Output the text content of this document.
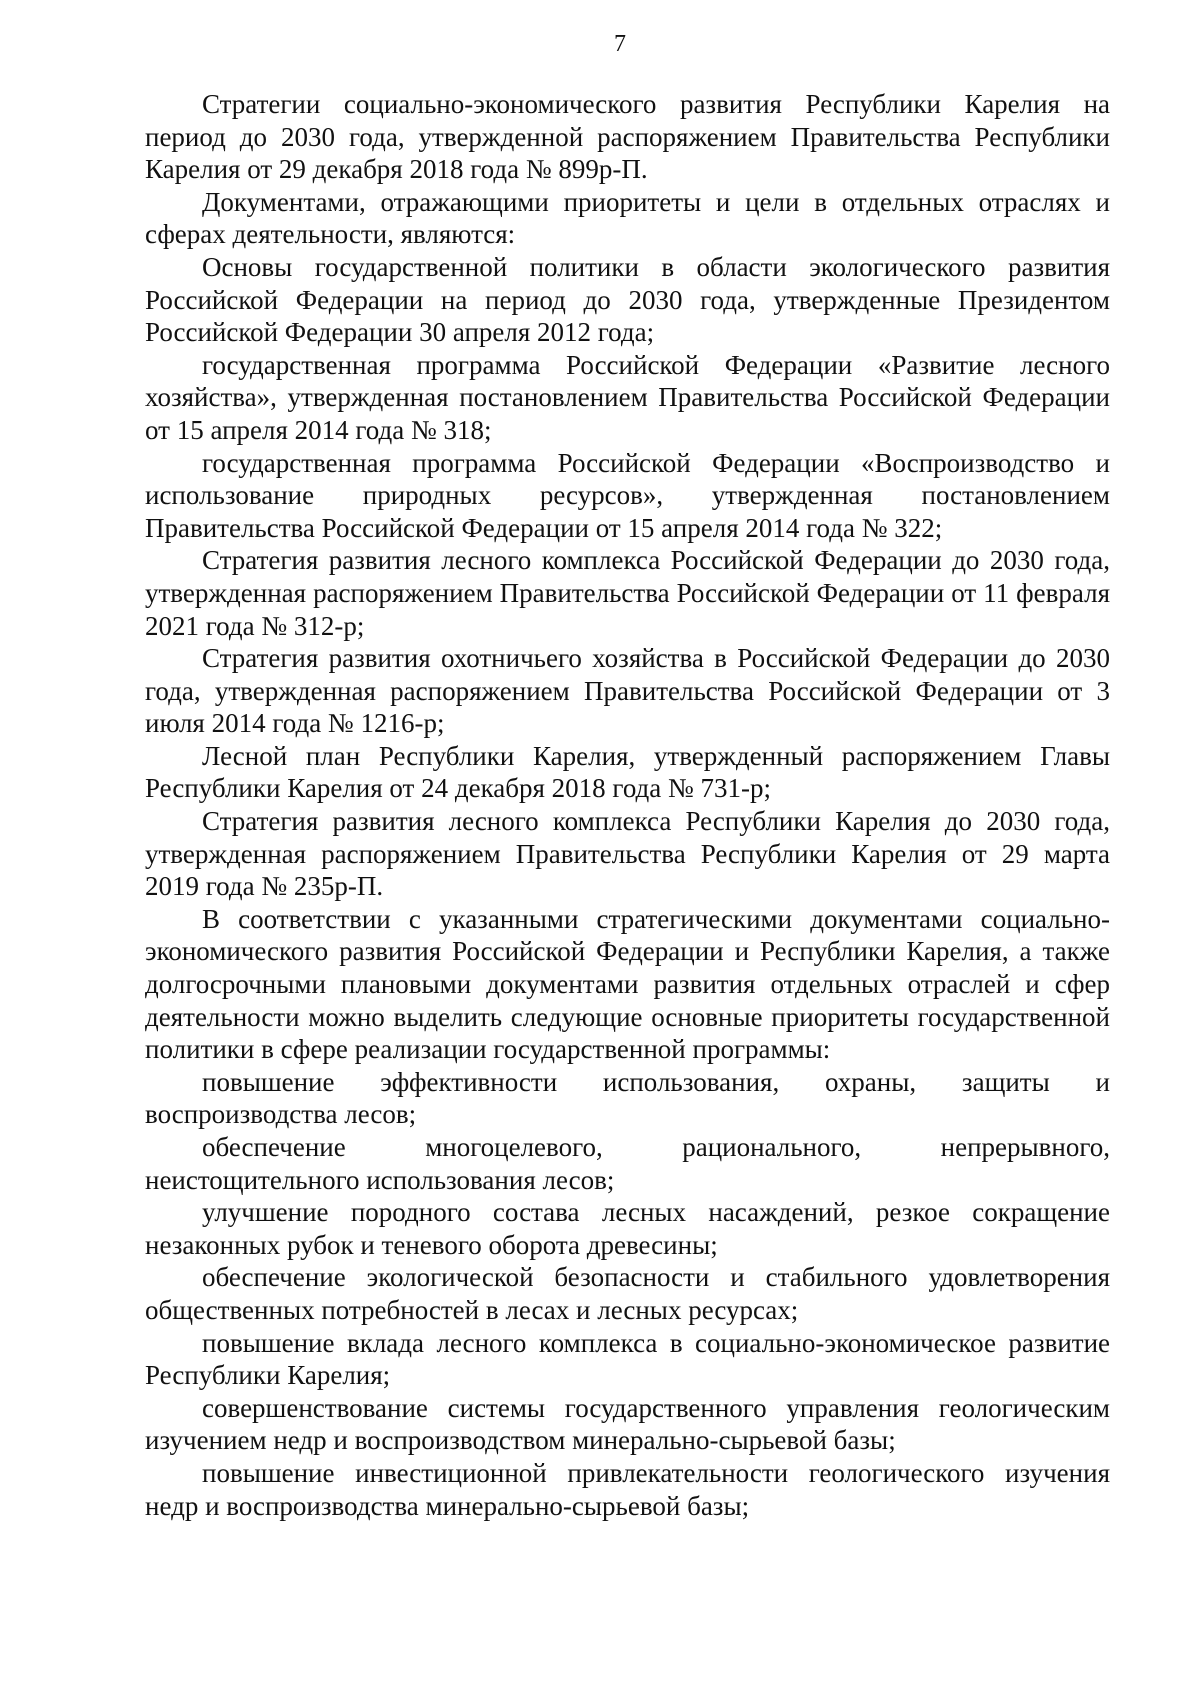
7

Стратегии социально-экономического развития Республики Карелия на период до 2030 года, утвержденной распоряжением Правительства Республики Карелия от 29 декабря 2018 года № 899р-П.

Документами, отражающими приоритеты и цели в отдельных отраслях и сферах деятельности, являются:

Основы государственной политики в области экологического развития Российской Федерации на период до 2030 года, утвержденные Президентом Российской Федерации 30 апреля 2012 года;

государственная программа Российской Федерации «Развитие лесного хозяйства», утвержденная постановлением Правительства Российской Федерации от 15 апреля 2014 года № 318;

государственная программа Российской Федерации «Воспроизводство и использование природных ресурсов», утвержденная постановлением Правительства Российской Федерации от 15 апреля 2014 года № 322;

Стратегия развития лесного комплекса Российской Федерации до 2030 года, утвержденная распоряжением Правительства Российской Федерации от 11 февраля 2021 года № 312-р;

Стратегия развития охотничьего хозяйства в Российской Федерации до 2030 года, утвержденная распоряжением Правительства Российской Федерации от 3 июля 2014 года № 1216-р;

Лесной план Республики Карелия, утвержденный распоряжением Главы Республики Карелия от 24 декабря 2018 года № 731-р;

Стратегия развития лесного комплекса Республики Карелия до 2030 года, утвержденная распоряжением Правительства Республики Карелия от 29 марта 2019 года № 235р-П.

В соответствии с указанными стратегическими документами социально-экономического развития Российской Федерации и Республики Карелия, а также долгосрочными плановыми документами развития отдельных отраслей и сфер деятельности можно выделить следующие основные приоритеты государственной политики в сфере реализации государственной программы:

повышение эффективности использования, охраны, защиты и воспроизводства лесов;

обеспечение многоцелевого, рационального, непрерывного, неистощительного использования лесов;

улучшение породного состава лесных насаждений, резкое сокращение незаконных рубок и теневого оборота древесины;

обеспечение экологической безопасности и стабильного удовлетворения общественных потребностей в лесах и лесных ресурсах;

повышение вклада лесного комплекса в социально-экономическое развитие Республики Карелия;

совершенствование системы государственного управления геологическим изучением недр и воспроизводством минерально-сырьевой базы;

повышение инвестиционной привлекательности геологического изучения недр и воспроизводства минерально-сырьевой базы;
